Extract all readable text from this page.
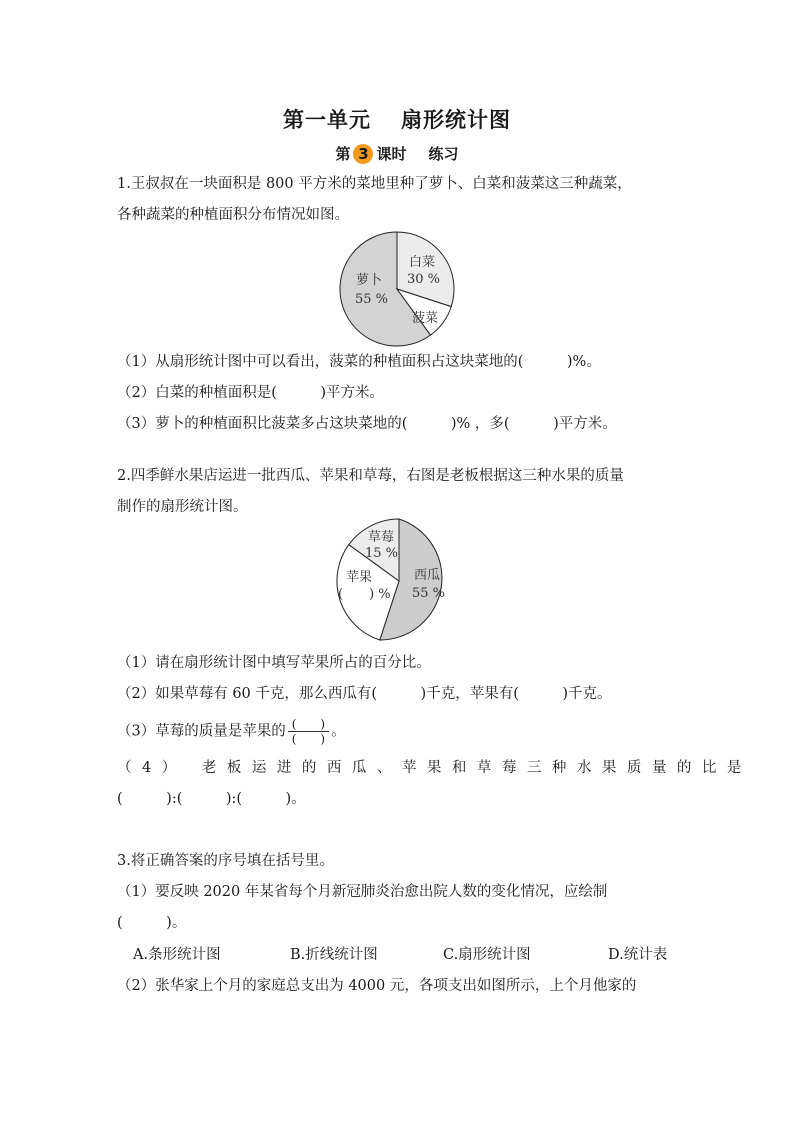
第一单元 扇形统计图
第 3 课时 练习
1.王叔叔在一块面积是 800 平方米的菜地里种了萝卜、白菜和菠菜这三种蔬菜，
各种蔬菜的种植面积分布情况如图。
萝卜
55 %
白菜
30 %
菠菜
（1）从扇形统计图中可以看出，菠菜的种植面积占这块菜地的(　　　)%。
（2）白菜的种植面积是(　　　)平方米。
（3）萝卜的种植面积比菠菜多占这块菜地的(　　　)% ，多(　　　)平方米。
2.四季鲜水果店运进一批西瓜、苹果和草莓，右图是老板根据这三种水果的质量
制作的扇形统计图。
草莓
15 %
苹果
(　　) %
西瓜
55 %
（1）请在扇形统计图中填写苹果所占的百分比。
（2）如果草莓有 60 千克，那么西瓜有(　　　)千克，苹果有(　　　)千克。
（3）草莓的质量是苹果的 $\frac{( )}{( )}$ 。
（4） 老板运进的西瓜、苹果和草莓三种水果质量的比是
(　　　):(　　　):(　　　)。
3.将正确答案的序号填在括号里。
（1）要反映 2020 年某省每个月新冠肺炎治愈出院人数的变化情况，应绘制
(　　　)。
A.条形统计图	B.折线统计图	C.扇形统计图	D.统计表
（2）张华家上个月的家庭总支出为 4000 元，各项支出如图所示，上个月他家的
